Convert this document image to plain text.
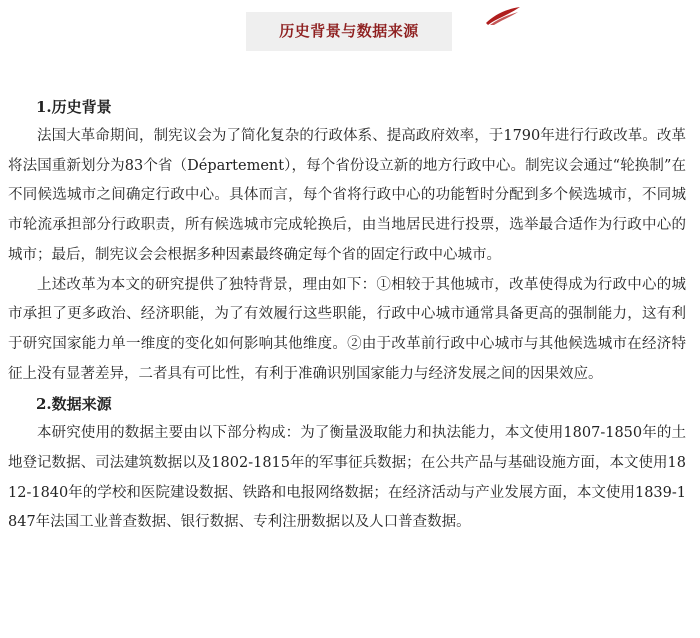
历史背景与数据来源
1.历史背景

法国大革命期间，制宪议会为了简化复杂的行政体系、提高政府效率，于1790年进行行政改革。改革将法国重新划分为83个省（Département），每个省份设立新的地方行政中心。制宪议会通过“轮换制”在不同候选城市之间确定行政中心。具体而言，每个省将行政中心的功能暂时分配到多个候选城市，不同城市轮流承担部分行政职责，所有候选城市完成轮换后，由当地居民进行投票，选举最合适作为行政中心的城市；最后，制宪议会会根据多种因素最终确定每个省的固定行政中心城市。

上述改革为本文的研究提供了独特背景，理由如下：①相较于其他城市，改革使得成为行政中心的城市承担了更多政治、经济职能，为了有效履行这些职能，行政中心城市通常具备更高的强制能力，这有利于研究国家能力单一维度的变化如何影响其他维度。②由于改革前行政中心城市与其他候选城市在经济特征上没有显著差异，二者具有可比性，有利于准确识别国家能力与经济发展之间的因果效应。

2.数据来源

本研究使用的数据主要由以下部分构成：为了衡量汲取能力和执法能力，本文使用1807-1850年的土地登记数据、司法建筑数据以及1802-1815年的军事征兵数据；在公共产品与基础设施方面，本文使用1812-1840年的学校和医院建设数据、铁路和电报网络数据；在经济活动与产业发展方面，本文使用1839-1847年法国工业普查数据、银行数据、专利注册数据以及人口普查数据。
